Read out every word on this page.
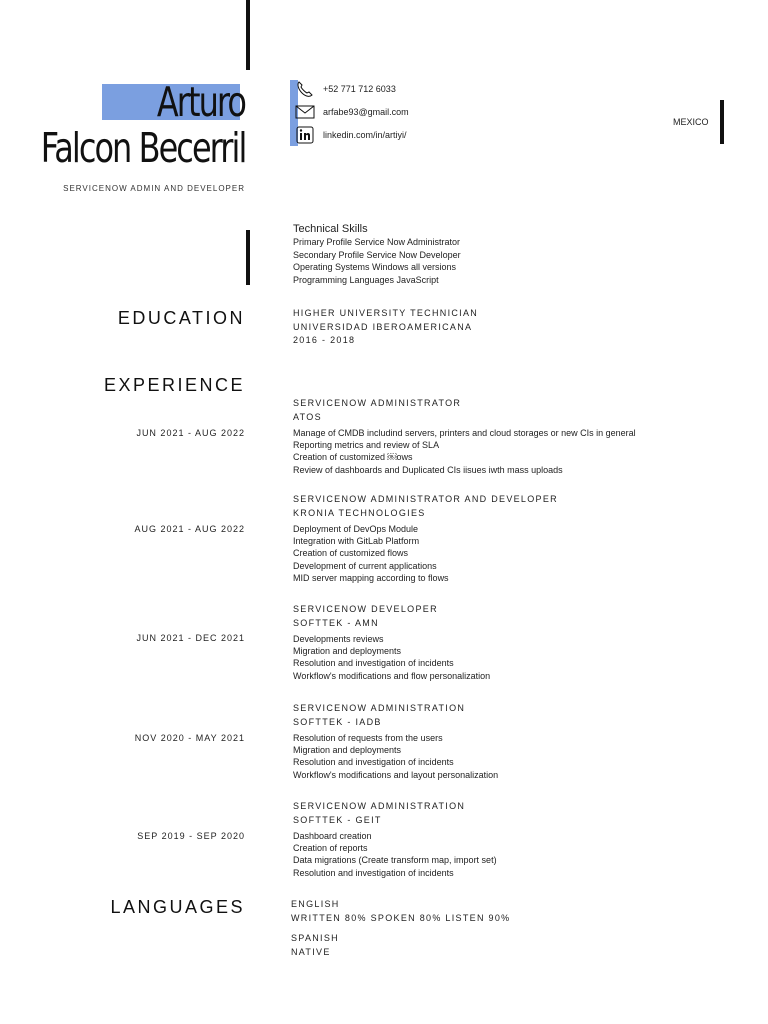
Arturo
Falcon Becerril
SERVICENOW ADMIN AND DEVELOPER
+52 771 712 6033
arfabe93@gmail.com
linkedin.com/in/artiyi/
MEXICO
Technical Skills
Primary Profile Service Now Administrator
Secondary Profile Service Now Developer
Operating Systems Windows all versions
Programming Languages JavaScript
EDUCATION	HIGHER UNIVERSITY TECHNICIAN
UNIVERSIDAD IBEROAMERICANA
2016 - 2018
EXPERIENCE
JUN 2021 - AUG 2022
SERVICENOW ADMINISTRATOR
ATOS
Manage of CMDB includind servers, printers and cloud storages or new CIs in general
Reporting metrics and review of SLA
Creation of customized ￼ows
Review of dashboards and Duplicated CIs iisues iwth mass uploads
AUG 2021 - AUG 2022
SERVICENOW ADMINISTRATOR AND DEVELOPER
KRONIA TECHNOLOGIES
Deployment of DevOps Module
Integration with GitLab Platform
Creation of customized flows
Development of current applications
MID server mapping according to flows
JUN 2021 - DEC 2021
SERVICENOW DEVELOPER
SOFTTEK - AMN
Developments reviews
Migration and deployments
Resolution and investigation of incidents
Workflow's modifications and flow personalization
NOV 2020 - MAY 2021
SERVICENOW ADMINISTRATION
SOFTTEK - IADB
Resolution of requests from the users
Migration and deployments
Resolution and investigation of incidents
Workflow's modifications and layout personalization
SEP 2019 - SEP 2020
SERVICENOW ADMINISTRATION
SOFTTEK - GEIT
Dashboard creation
Creation of reports
Data migrations (Create transform map, import set)
Resolution and investigation of incidents
LANGUAGES	ENGLISH
WRITTEN 80% SPOKEN 80% LISTEN 90%
SPANISH
NATIVE
